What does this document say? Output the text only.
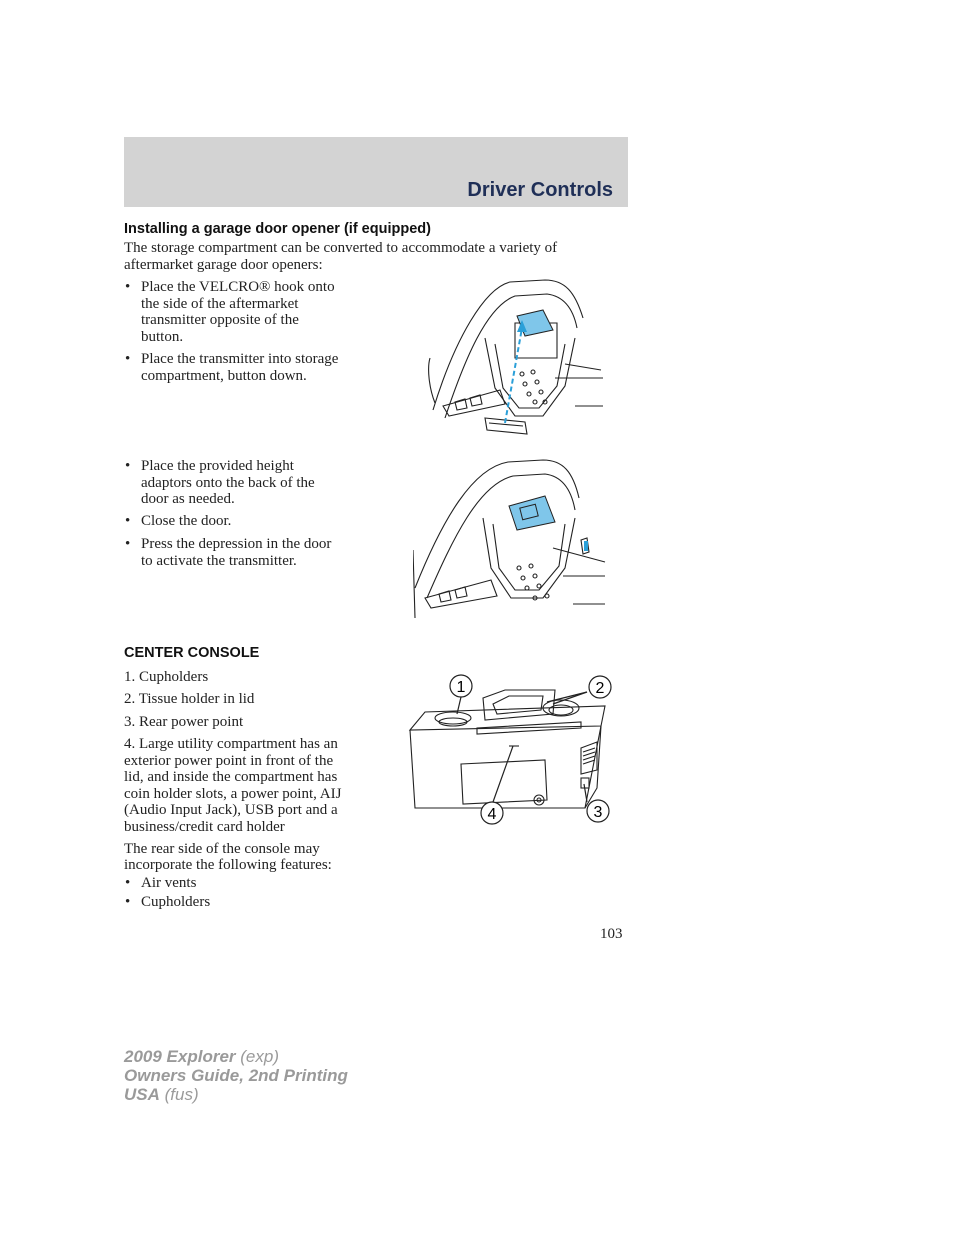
Driver Controls
Installing a garage door opener (if equipped)
The storage compartment can be converted to accommodate a variety of
aftermarket garage door openers:
• Place the VELCRO® hook onto
the side of the aftermarket
transmitter opposite of the
button.
• Place the transmitter into storage
compartment, button down.
• Place the provided height
adaptors onto the back of the
door as needed.
• Close the door.
• Press the depression in the door
to activate the transmitter.
CENTER CONSOLE
1. Cupholders
2. Tissue holder in lid
3. Rear power point
4. Large utility compartment has an
exterior power point in front of the
lid, and inside the compartment has
coin holder slots, a power point, AIJ
(Audio Input Jack), USB port and a
business/credit card holder
The rear side of the console may
incorporate the following features:
• Air vents
• Cupholders
1	2
3
4
103
2009 Explorer (exp)
Owners Guide, 2nd Printing
USA (fus)
